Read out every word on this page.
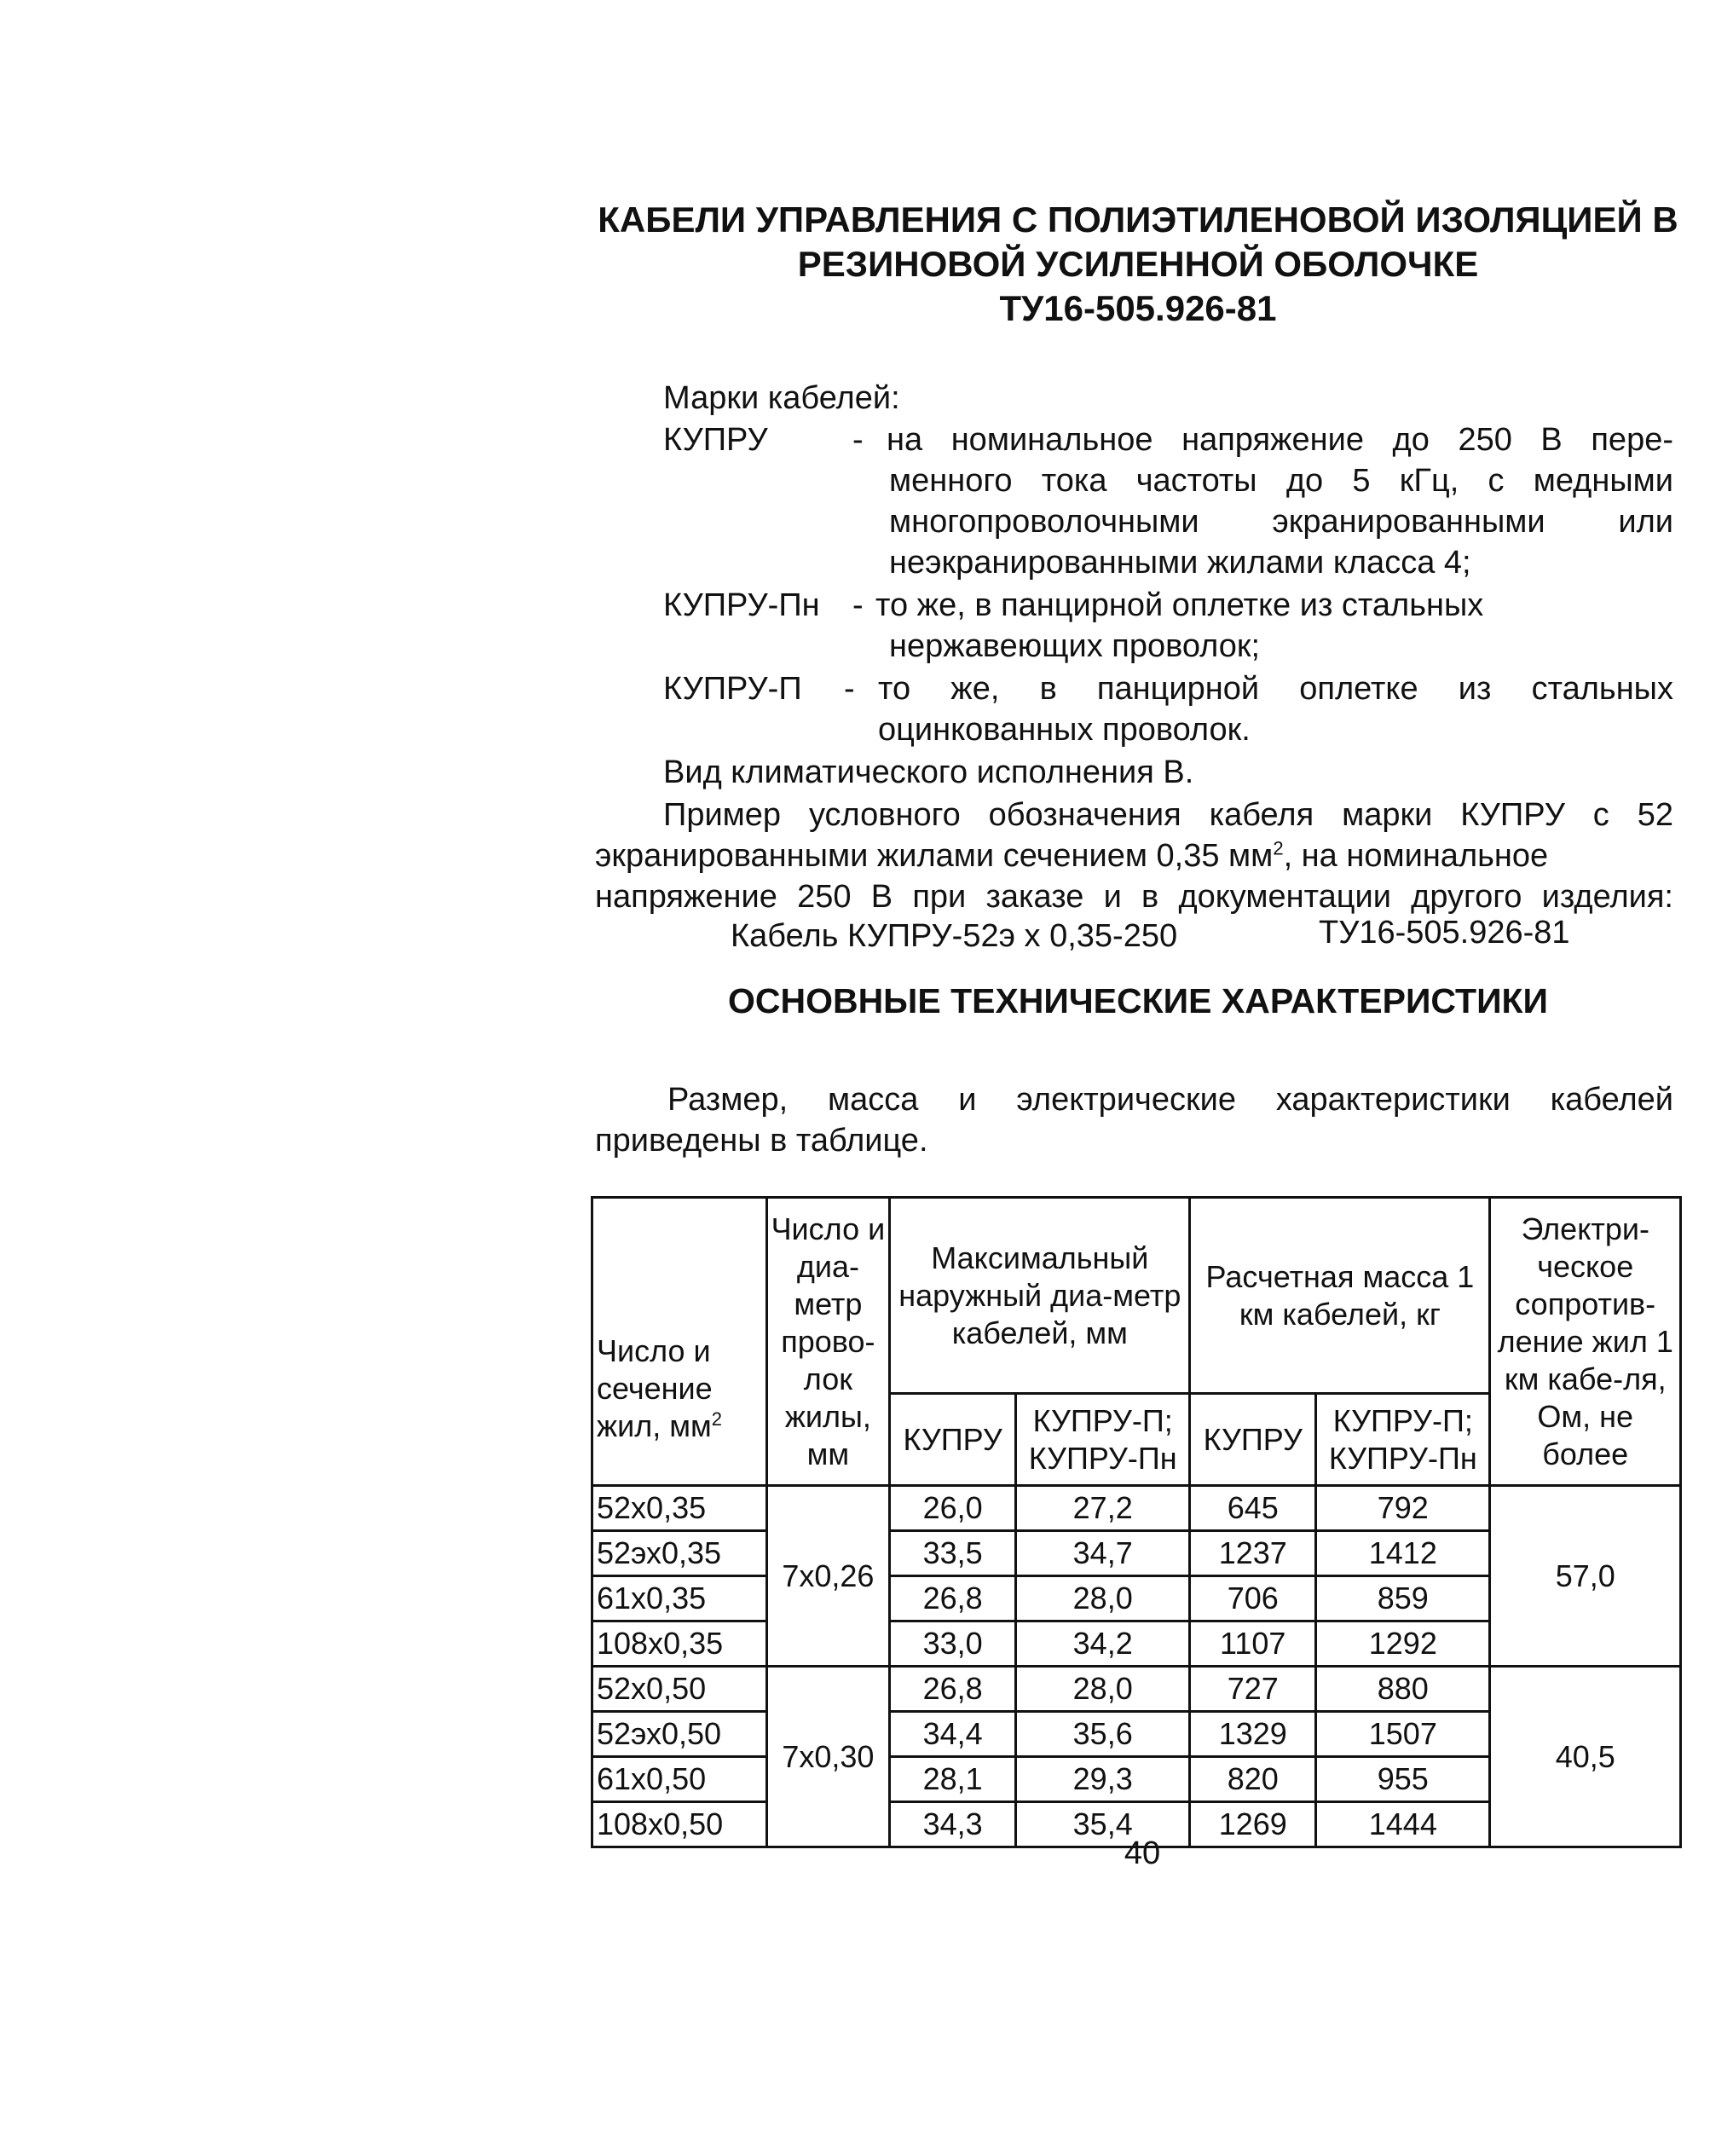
КАБЕЛИ УПРАВЛЕНИЯ С ПОЛИЭТИЛЕНОВОЙ ИЗОЛЯЦИЕЙ В
РЕЗИНОВОЙ УСИЛЕННОЙ ОБОЛОЧКЕ
ТУ16-505.926-81
Марки кабелей:
КУПРУ	- на номинальное напряжение до 250 В пере-
менного тока частоты до 5 кГц, с медными
многопроволочными экранированными или
неэкранированными жилами класса 4;
КУПРУ-Пн - то же, в панцирной оплетке из стальных
нержавеющих проволок;
КУПРУ-П - то же, в панцирной оплетке из стальных
оцинкованных проволок.
Вид климатического исполнения В.
Пример условного обозначения кабеля марки КУПРУ с 52
экранированными жилами сечением 0,35 $мм^2$, на номинальное
напряжение 250 В при заказе и в документации другого изделия:
Кабель КУПРУ-52э х 0,35-250	ТУ16-505.926-81
ОСНОВНЫЕ ТЕХНИЧЕСКИЕ ХАРАКТЕРИСТИКИ
Размер, масса и электрические характеристики кабелей
приведены в таблице.
Число и сечение жил, $мм^2$	Число и диа-метр прово-лок жилы, мм	Максимальный наружный диа-метр кабелей, мм		Расчетная масса 1 км кабелей, кг		Электри-ческое сопротив-ление жил 1 км кабе-ля, Ом, не более
		КУПРУ	КУПРУ-П; КУПРУ-Пн	КУПРУ	КУПРУ-П; КУПРУ-Пн	
52х0,35	7х0,26	26,0	27,2	645	792	57,0
52эх0,35		33,5	34,7	1237	1412	
61х0,35		26,8	28,0	706	859	
108х0,35		33,0	34,2	1107	1292	
52х0,50	7х0,30	26,8	28,0	727	880	40,5
52эх0,50		34,4	35,6	1329	1507	
61х0,50		28,1	29,3	820	955	
108х0,50		34,3	35,4	1269	1444	
40
